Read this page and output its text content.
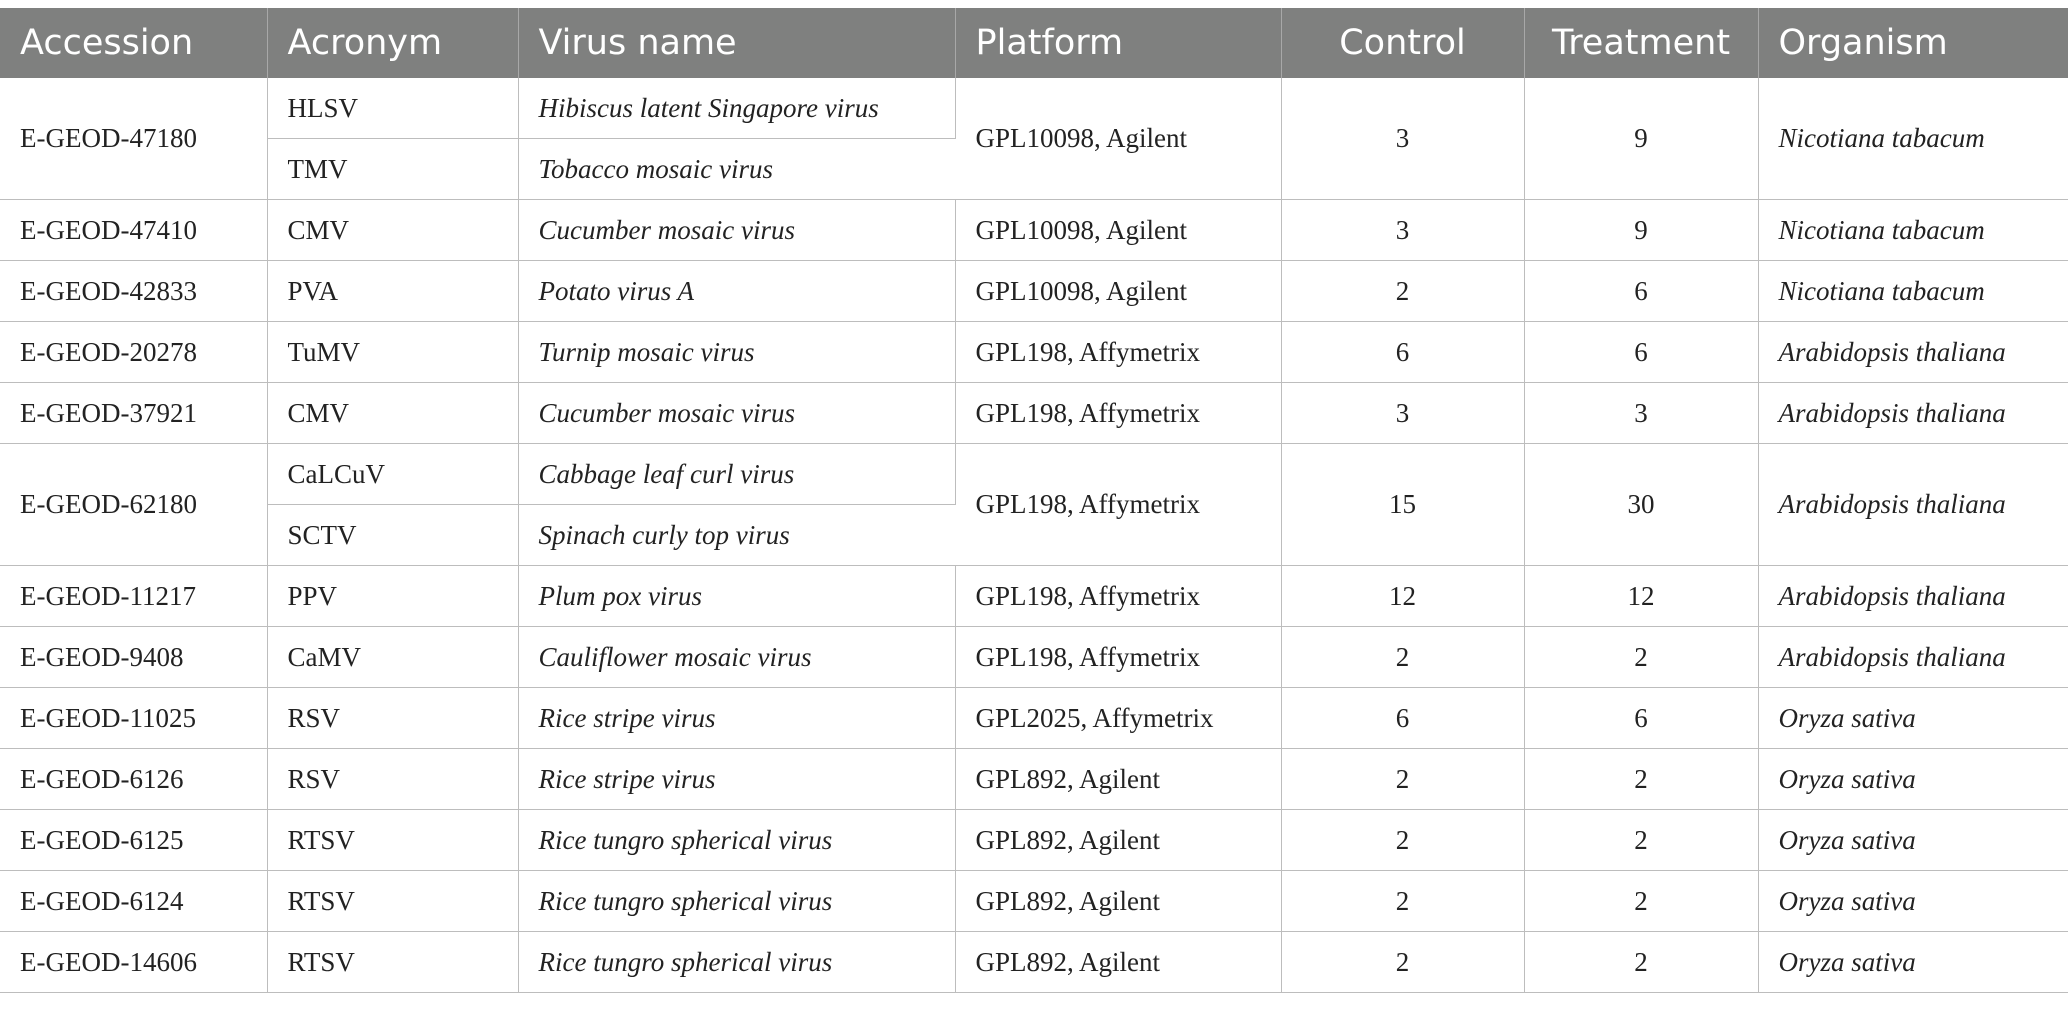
Accession	Acronym	Virus name	Platform	Control	Treatment	Organism
E-GEOD-47180	HLSV	Hibiscus latent Singapore virus	GPL10098, Agilent	3	9	Nicotiana tabacum
	TMV	Tobacco mosaic virus				
E-GEOD-47410	CMV	Cucumber mosaic virus	GPL10098, Agilent	3	9	Nicotiana tabacum
E-GEOD-42833	PVA	Potato virus A	GPL10098, Agilent	2	6	Nicotiana tabacum
E-GEOD-20278	TuMV	Turnip mosaic virus	GPL198, Affymetrix	6	6	Arabidopsis thaliana
E-GEOD-37921	CMV	Cucumber mosaic virus	GPL198, Affymetrix	3	3	Arabidopsis thaliana
E-GEOD-62180	CaLCuV	Cabbage leaf curl virus	GPL198, Affymetrix	15	30	Arabidopsis thaliana
	SCTV	Spinach curly top virus				
E-GEOD-11217	PPV	Plum pox virus	GPL198, Affymetrix	12	12	Arabidopsis thaliana
E-GEOD-9408	CaMV	Cauliflower mosaic virus	GPL198, Affymetrix	2	2	Arabidopsis thaliana
E-GEOD-11025	RSV	Rice stripe virus	GPL2025, Affymetrix	6	6	Oryza sativa
E-GEOD-6126	RSV	Rice stripe virus	GPL892, Agilent	2	2	Oryza sativa
E-GEOD-6125	RTSV	Rice tungro spherical virus	GPL892, Agilent	2	2	Oryza sativa
E-GEOD-6124	RTSV	Rice tungro spherical virus	GPL892, Agilent	2	2	Oryza sativa
E-GEOD-14606	RTSV	Rice tungro spherical virus	GPL892, Agilent	2	2	Oryza sativa
